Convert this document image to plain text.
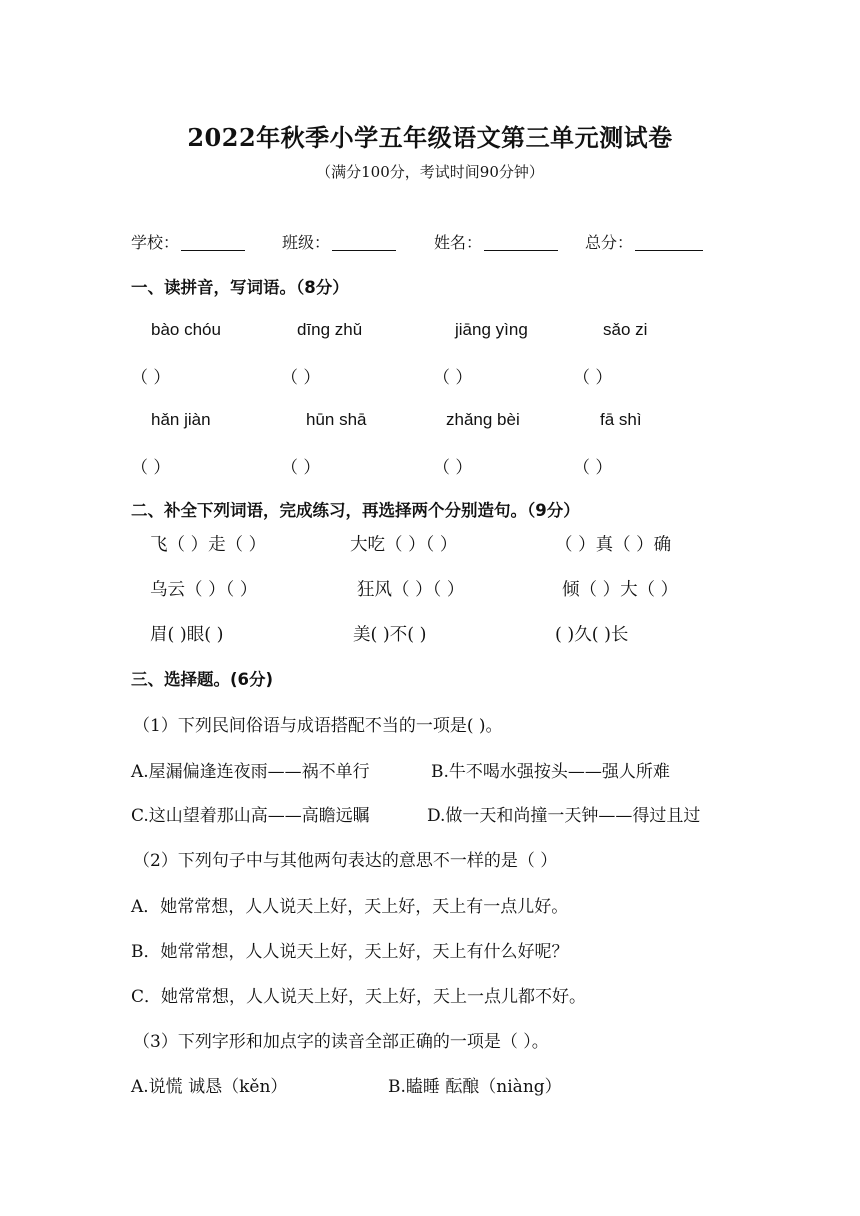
2022年秋季小学五年级语文第三单元测试卷
（满分100分，考试时间90分钟）
学校：	班级：	姓名：	总分：
一、读拼音，写词语。（8分）
bào chóu	dīng zhǔ	jiāng yìng	sǎo zi
（ ）	（ ）	（ ）	（ ）
hǎn jiàn	hūn shā	zhǎng bèi	fā shì
（ ）	（ ）	（ ）	（ ）
二、补全下列词语，完成练习，再选择两个分别造句。（9分）
飞（ ）走（ ）	大吃（ ）（ ）	（ ）真（ ）确
乌云（ ）（ ）	狂风（ ）（ ）	倾（ ）大（ ）
眉( )眼( )	美( )不( )	( )久( )长
三、选择题。(6分)
（1）下列民间俗语与成语搭配不当的一项是( )。
A.屋漏偏逢连夜雨——祸不单行	B.牛不喝水强按头——强人所难
C.这山望着那山高——高瞻远瞩	D.做一天和尚撞一天钟——得过且过
（2）下列句子中与其他两句表达的意思不一样的是（ ）
A．她常常想，人人说天上好，天上好，天上有一点儿好。
B．她常常想，人人说天上好，天上好，天上有什么好呢？
C．她常常想，人人说天上好，天上好，天上一点儿都不好。
（3）下列字形和加点字的读音全部正确的一项是（ ）。
A.说慌 诚恳（kěn）	B.瞌睡 酝酿（niàng）
